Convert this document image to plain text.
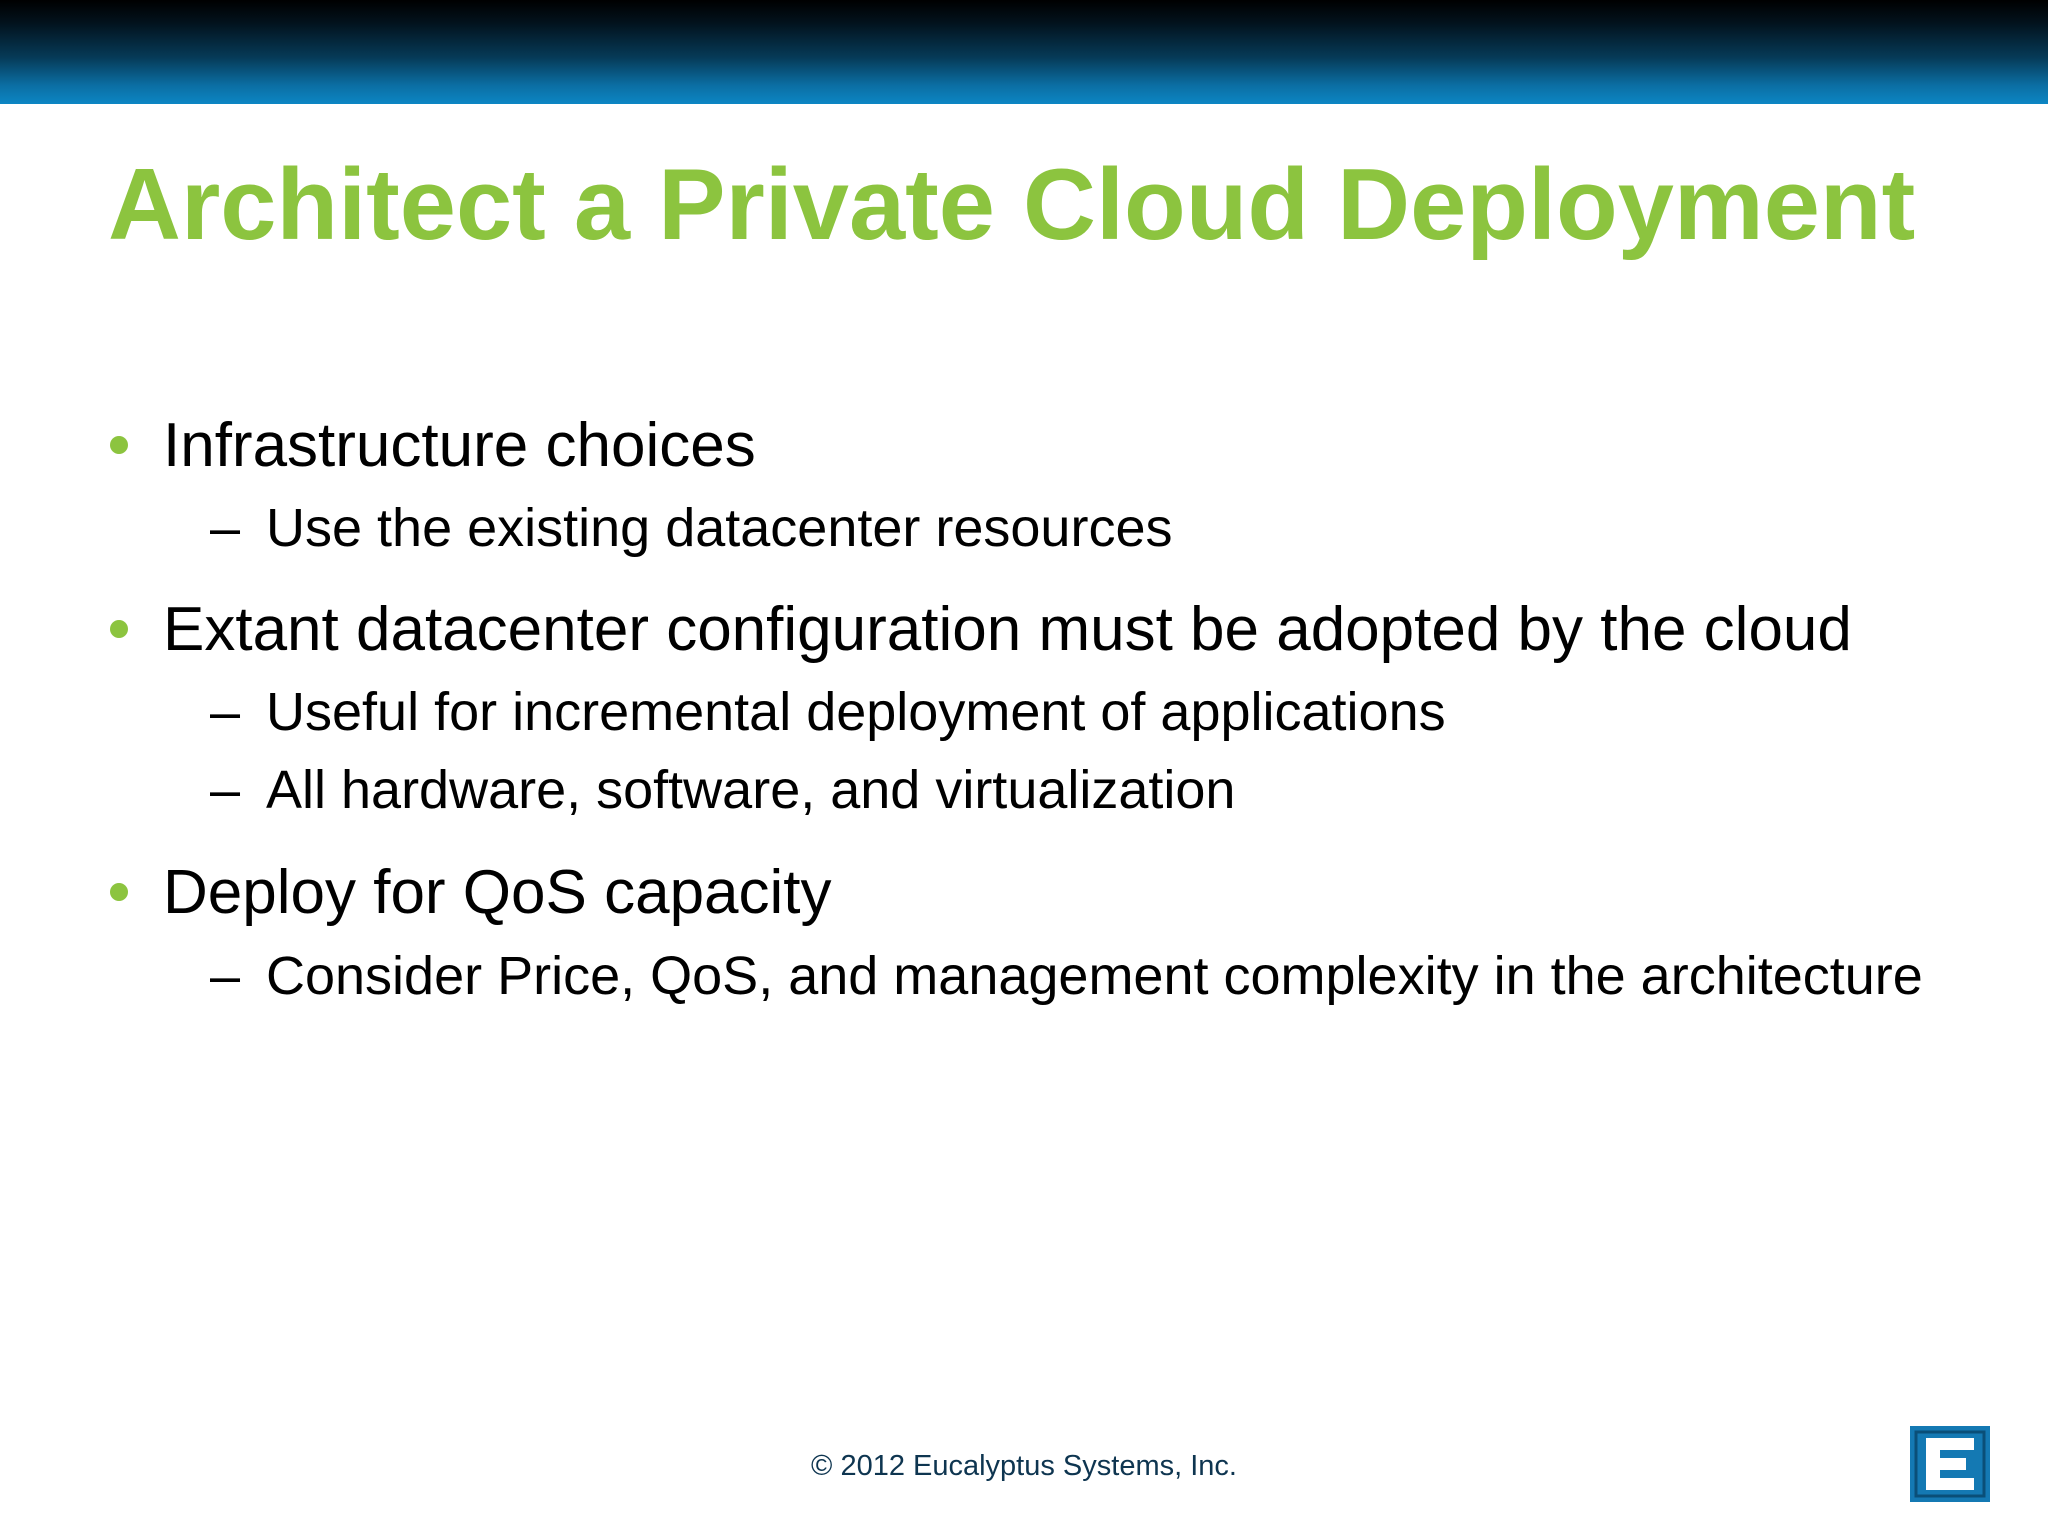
Architect a Private Cloud Deployment
Infrastructure choices
– Use the existing datacenter resources
Extant datacenter configuration must be adopted by the cloud
– Useful for incremental deployment of applications
– All hardware, software, and virtualization
Deploy for QoS capacity
– Consider Price, QoS, and management complexity in the architecture
© 2012 Eucalyptus Systems, Inc.
